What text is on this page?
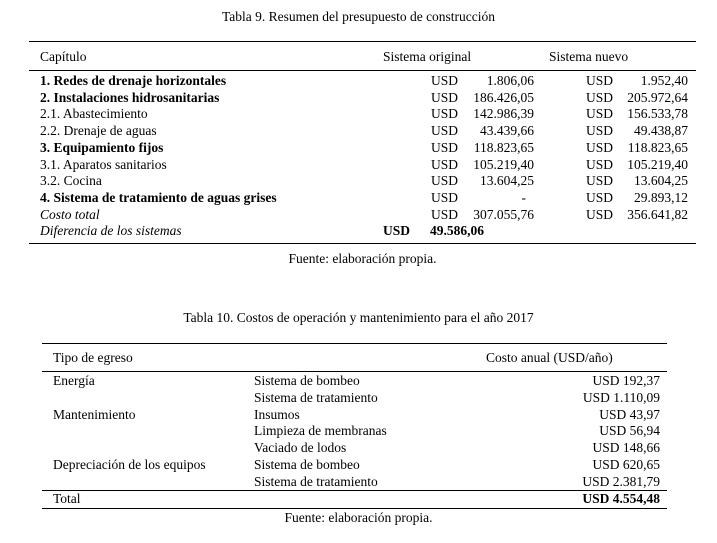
Tabla 9. Resumen del presupuesto de construcción
Capítulo	Sistema original	Sistema nuevo
1. Redes de drenaje horizontales	USD	1.806,06	USD	1.952,40
2. Instalaciones hidrosanitarias	USD	186.426,05	USD	205.972,64
2.1. Abastecimiento	USD	142.986,39	USD	156.533,78
2.2. Drenaje de aguas	USD	43.439,66	USD	49.438,87
3. Equipamiento fijos	USD	118.823,65	USD	118.823,65
3.1. Aparatos sanitarios	USD	105.219,40	USD	105.219,40
3.2. Cocina	USD	13.604,25	USD	13.604,25
4. Sistema de tratamiento de aguas grises	USD	-	USD	29.893,12
Costo total	USD	307.055,76	USD	356.641,82
Diferencia de los sistemas	USD	49.586,06
Fuente: elaboración propia.
Tabla 10. Costos de operación y mantenimiento para el año 2017
Tipo de egreso	Costo anual (USD/año)
Energía	Sistema de bombeo	USD 192,37
Sistema de tratamiento	USD 1.110,09
Mantenimiento	Insumos	USD 43,97
Limpieza de membranas	USD 56,94
Vaciado de lodos	USD 148,66
Depreciación de los equipos	Sistema de bombeo	USD 620,65
Sistema de tratamiento	USD 2.381,79
Total	USD 4.554,48
Fuente: elaboración propia.
